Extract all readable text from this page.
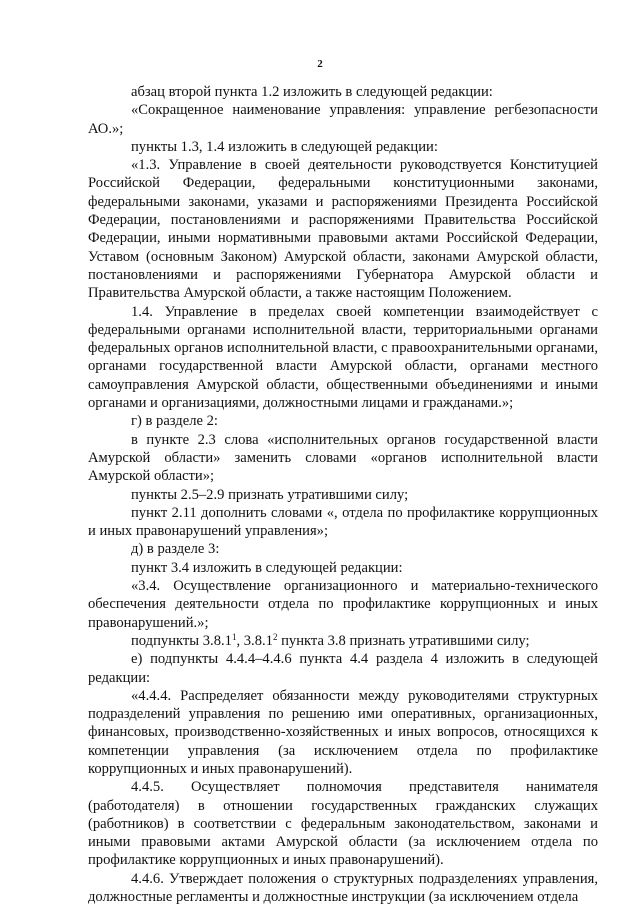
2

абзац второй пункта 1.2 изложить в следующей редакции:

«Сокращенное наименование управления: управление регбезопасности АО.»;

пункты 1.3, 1.4 изложить в следующей редакции:

«1.3. Управление в своей деятельности руководствуется Конституцией Российской Федерации, федеральными конституционными законами, федеральными законами, указами и распоряжениями Президента Российской Федерации, постановлениями и распоряжениями Правительства Российской Федерации, иными нормативными правовыми актами Российской Федерации, Уставом (основным Законом) Амурской области, законами Амурской области, постановлениями и распоряжениями Губернатора Амурской области и Правительства Амурской области, а также настоящим Положением.

1.4. Управление в пределах своей компетенции взаимодействует с федеральными органами исполнительной власти, территориальными органами федеральных органов исполнительной власти, с правоохранительными органами, органами государственной власти Амурской области, органами местного самоуправления Амурской области, общественными объединениями и иными органами и организациями, должностными лицами и гражданами.»;

г) в разделе 2:

в пункте 2.3 слова «исполнительных органов государственной власти Амурской области» заменить словами «органов исполнительной власти Амурской области»;

пункты 2.5–2.9 признать утратившими силу;

пункт 2.11 дополнить словами «, отдела по профилактике коррупционных и иных правонарушений управления»;

д) в разделе 3:

пункт 3.4 изложить в следующей редакции:

«3.4. Осуществление организационного и материально-технического обеспечения деятельности отдела по профилактике коррупционных и иных правонарушений.»;

подпункты 3.8.1$^1$, 3.8.1$^2$ пункта 3.8 признать утратившими силу;

е) подпункты 4.4.4–4.4.6 пункта 4.4 раздела 4 изложить в следующей редакции:

«4.4.4. Распределяет обязанности между руководителями структурных подразделений управления по решению ими оперативных, организационных, финансовых, производственно-хозяйственных и иных вопросов, относящихся к компетенции управления (за исключением отдела по профилактике коррупционных и иных правонарушений).

4.4.5. Осуществляет полномочия представителя нанимателя (работодателя) в отношении государственных гражданских служащих (работников) в соответствии с федеральным законодательством, законами и иными правовыми актами Амурской области (за исключением отдела по профилактике коррупционных и иных правонарушений).

4.4.6. Утверждает положения о структурных подразделениях управления, должностные регламенты и должностные инструкции (за исключением отдела
